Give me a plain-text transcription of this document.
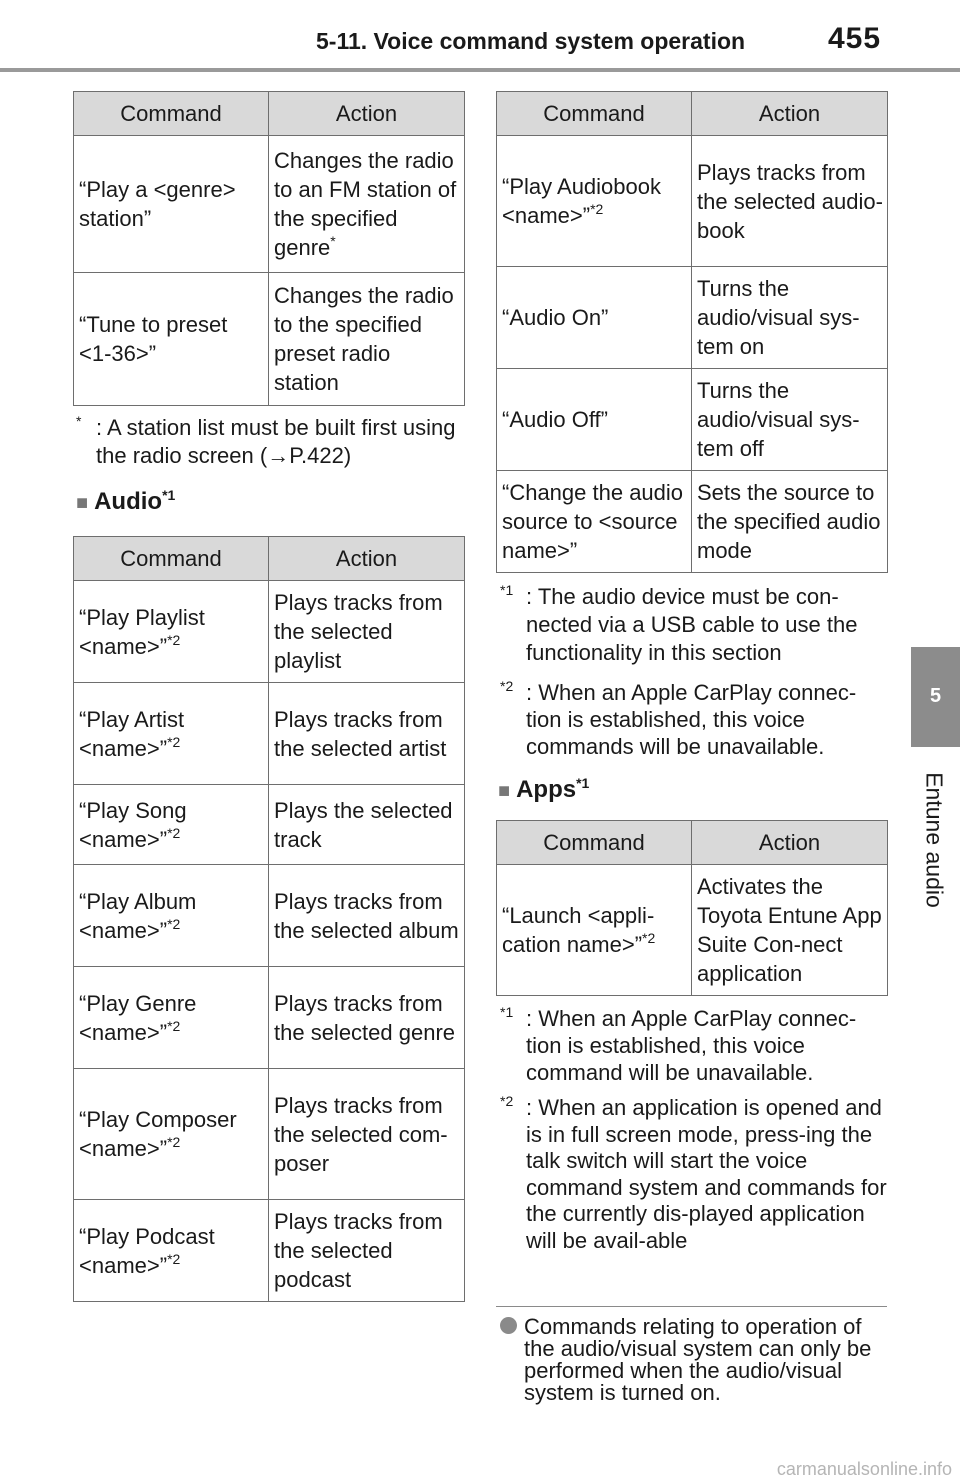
5-11. Voice command system operation	455
5
Entune audio
Command	Action
“Play a <genre> station”	Changes the radio to an FM station of the specified genre*
“Tune to preset <1-36>”	Changes the radio to the specified preset radio station
* : A station list must be built first using the radio screen (→P.422)
■ Audio$^{*1}$
Command	Action
“Play Playlist <name>”$^{*2}$	Plays tracks from the selected playlist
“Play Artist <name>”$^{*2}$	Plays tracks from the selected artist
“Play Song <name>”$^{*2}$	Plays the selected track
“Play Album <name>”$^{*2}$	Plays tracks from the selected album
“Play Genre <name>”$^{*2}$	Plays tracks from the selected genre
“Play Composer <name>”$^{*2}$	Plays tracks from the selected com-poser
“Play Podcast <name>”$^{*2}$	Plays tracks from the selected podcast
Command	Action
“Play Audiobook <name>”$^{*2}$	Plays tracks from the selected audio-book
“Audio On”	Turns the audio/visual sys-tem on
“Audio Off”	Turns the audio/visual sys-tem off
“Change the audio source to <source name>”	Sets the source to the specified audio mode
$^{*1}$ : The audio device must be con-nected via a USB cable to use the functionality in this section
$^{*2}$ : When an Apple CarPlay connec-tion is established, this voice commands will be unavailable.
■ Apps$^{*1}$
Command	Action
“Launch <appli-cation name>”$^{*2}$	Activates the Toyota Entune App Suite Con-nect application
$^{*1}$ : When an Apple CarPlay connec-tion is established, this voice command will be unavailable.
$^{*2}$ : When an application is opened and is in full screen mode, press-ing the talk switch will start the voice command system and commands for the currently dis-played application will be avail-able
Commands relating to operation of the audio/visual system can only be performed when the audio/visual system is turned on.
carmanualsonline.info
